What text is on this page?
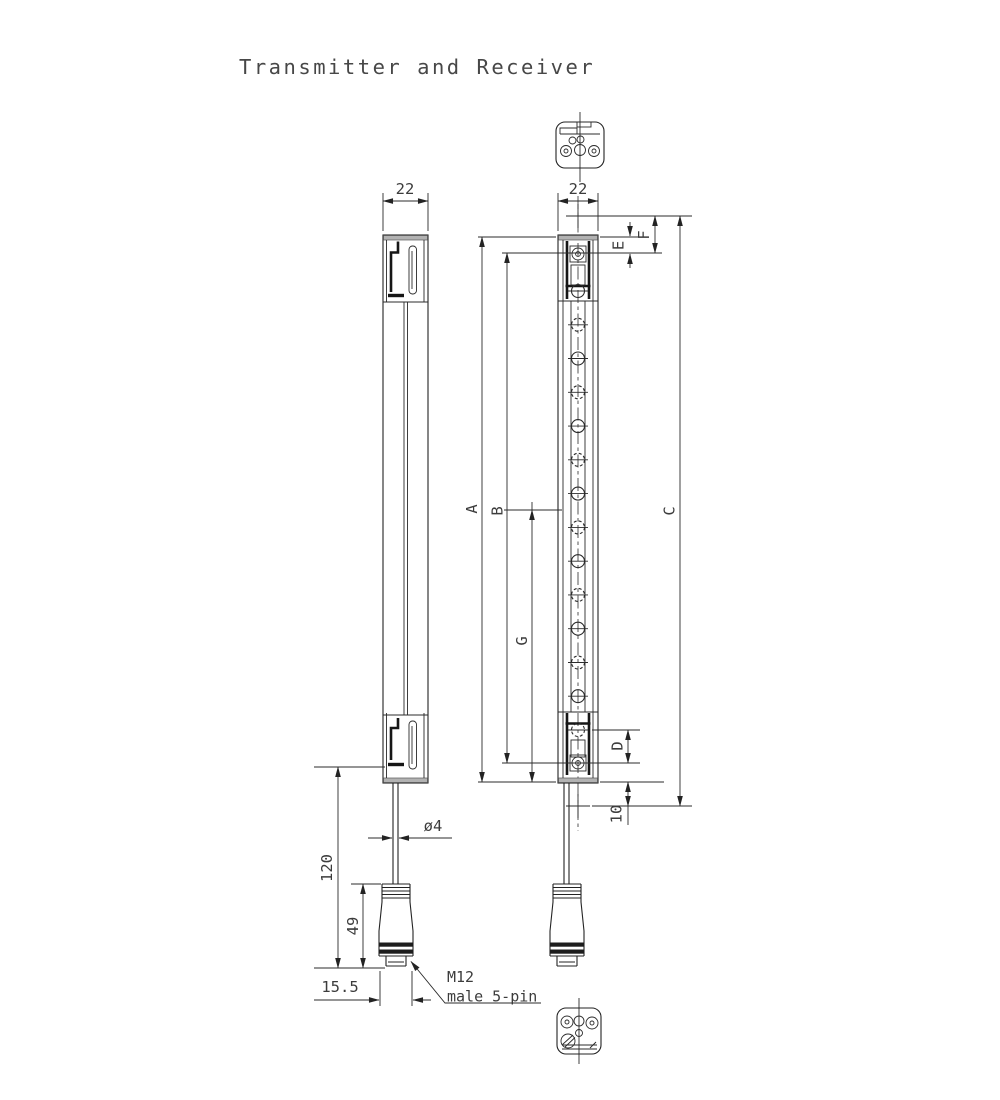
Transmitter and Receiver
22
120
49
ø4
15.5
M12
male 5-pin
22
A B
G
C
E
F
D
10
